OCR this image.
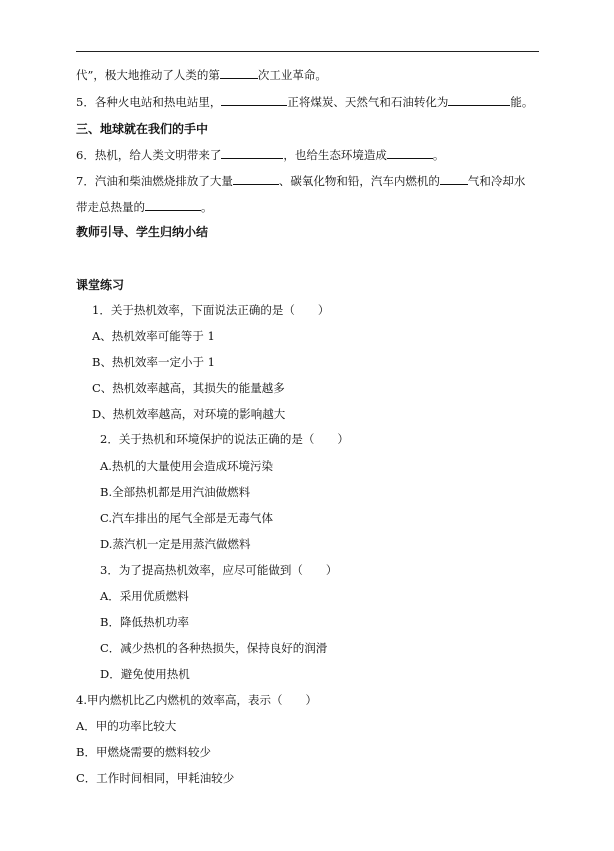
代”，极大地推动了人类的第	次工业革命。
5．各种火电站和热电站里，	正将煤炭、天然气和石油转化为	能。
三、地球就在我们的手中
6．热机，给人类文明带来了	，也给生态环境造成	。
7．汽油和柴油燃烧排放了大量	、碳氧化物和铅，汽车内燃机的 气和冷却水
带走总热量的	。
教师引导、学生归纳小结
课堂练习
1．关于热机效率，下面说法正确的是（　　）
A、热机效率可能等于 1
B、热机效率一定小于 1
C、热机效率越高，其损失的能量越多
D、热机效率越高，对环境的影响越大
2．关于热机和环境保护的说法正确的是（　　）
A.热机的大量使用会造成环境污染
B.全部热机都是用汽油做燃料
C.汽车排出的尾气全部是无毒气体
D.蒸汽机一定是用蒸汽做燃料
3．为了提高热机效率，应尽可能做到（　　）
A．采用优质燃料
B．降低热机功率
C．减少热机的各种热损失，保持良好的润滑
D．避免使用热机
4.甲内燃机比乙内燃机的效率高，表示（　　）
A．甲的功率比较大
B．甲燃烧需要的燃料较少
C．工作时间相同，甲耗油较少
